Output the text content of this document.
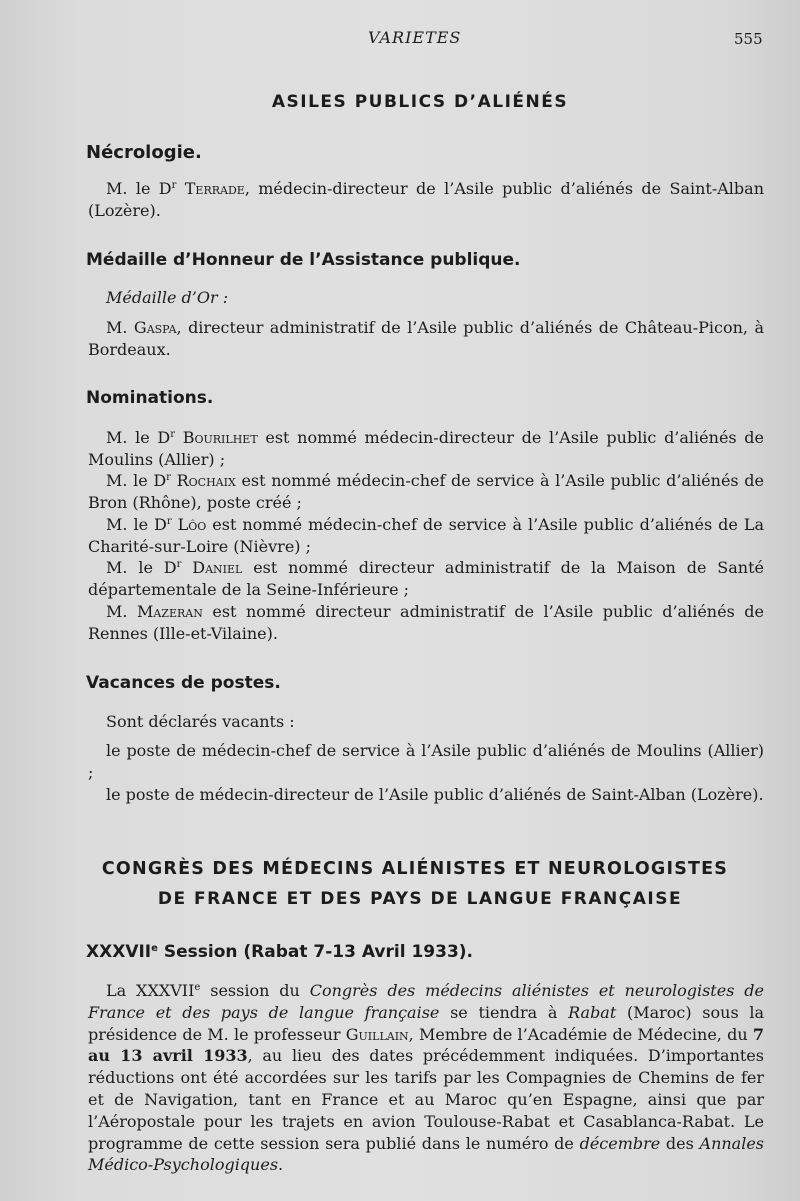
VARIETES	555
ASILES PUBLICS D’ALIÉNÉS
Nécrologie.
M. le $D^r$ Terrade, médecin-directeur de l’Asile public d’aliénés de Saint-Alban (Lozère).
Médaille d’Honneur de l’Assistance publique.
Médaille d’Or :
M. Gaspa, directeur administratif de l’Asile public d’aliénés de Château-Picon, à Bordeaux.
Nominations.
M. le $D^r$ Bourilhet est nommé médecin-directeur de l’Asile public d’aliénés de Moulins (Allier) ;
M. le $D^r$ Rochaix est nommé médecin-chef de service à l’Asile public d’aliénés de Bron (Rhône), poste créé ;
M. le $D^r$ Lôo est nommé médecin-chef de service à l’Asile public d’aliénés de La Charité-sur-Loire (Nièvre) ;
M. le $D^r$ Daniel est nommé directeur administratif de la Maison de Santé départementale de la Seine-Inférieure ;
M. Mazeran est nommé directeur administratif de l’Asile public d’aliénés de Rennes (Ille-et-Vilaine).
Vacances de postes.
Sont déclarés vacants :
le poste de médecin-chef de service à l’Asile public d’aliénés de Moulins (Allier) ;
le poste de médecin-directeur de l’Asile public d’aliénés de Saint-Alban (Lozère).
CONGRÈS DES MÉDECINS ALIÉNISTES ET NEUROLOGISTES
DE FRANCE ET DES PAYS DE LANGUE FRANÇAISE
XXXVIIe Session (Rabat 7-13 Avril 1933).
La XXXVIIe session du Congrès des médecins aliénistes et neurologistes de France et des pays de langue française se tiendra à Rabat (Maroc) sous la présidence de M. le professeur Guillain, Membre de l’Académie de Médecine, du 7 au 13 avril 1933, au lieu des dates précédemment indiquées. D’importantes réductions ont été accordées sur les tarifs par les Compagnies de Chemins de fer et de Navigation, tant en France et au Maroc qu’en Espagne, ainsi que par l’Aéropostale pour les trajets en avion Toulouse-Rabat et Casablanca-Rabat. Le programme de cette session sera publié dans le numéro de décembre des Annales Médico-Psychologiques.
